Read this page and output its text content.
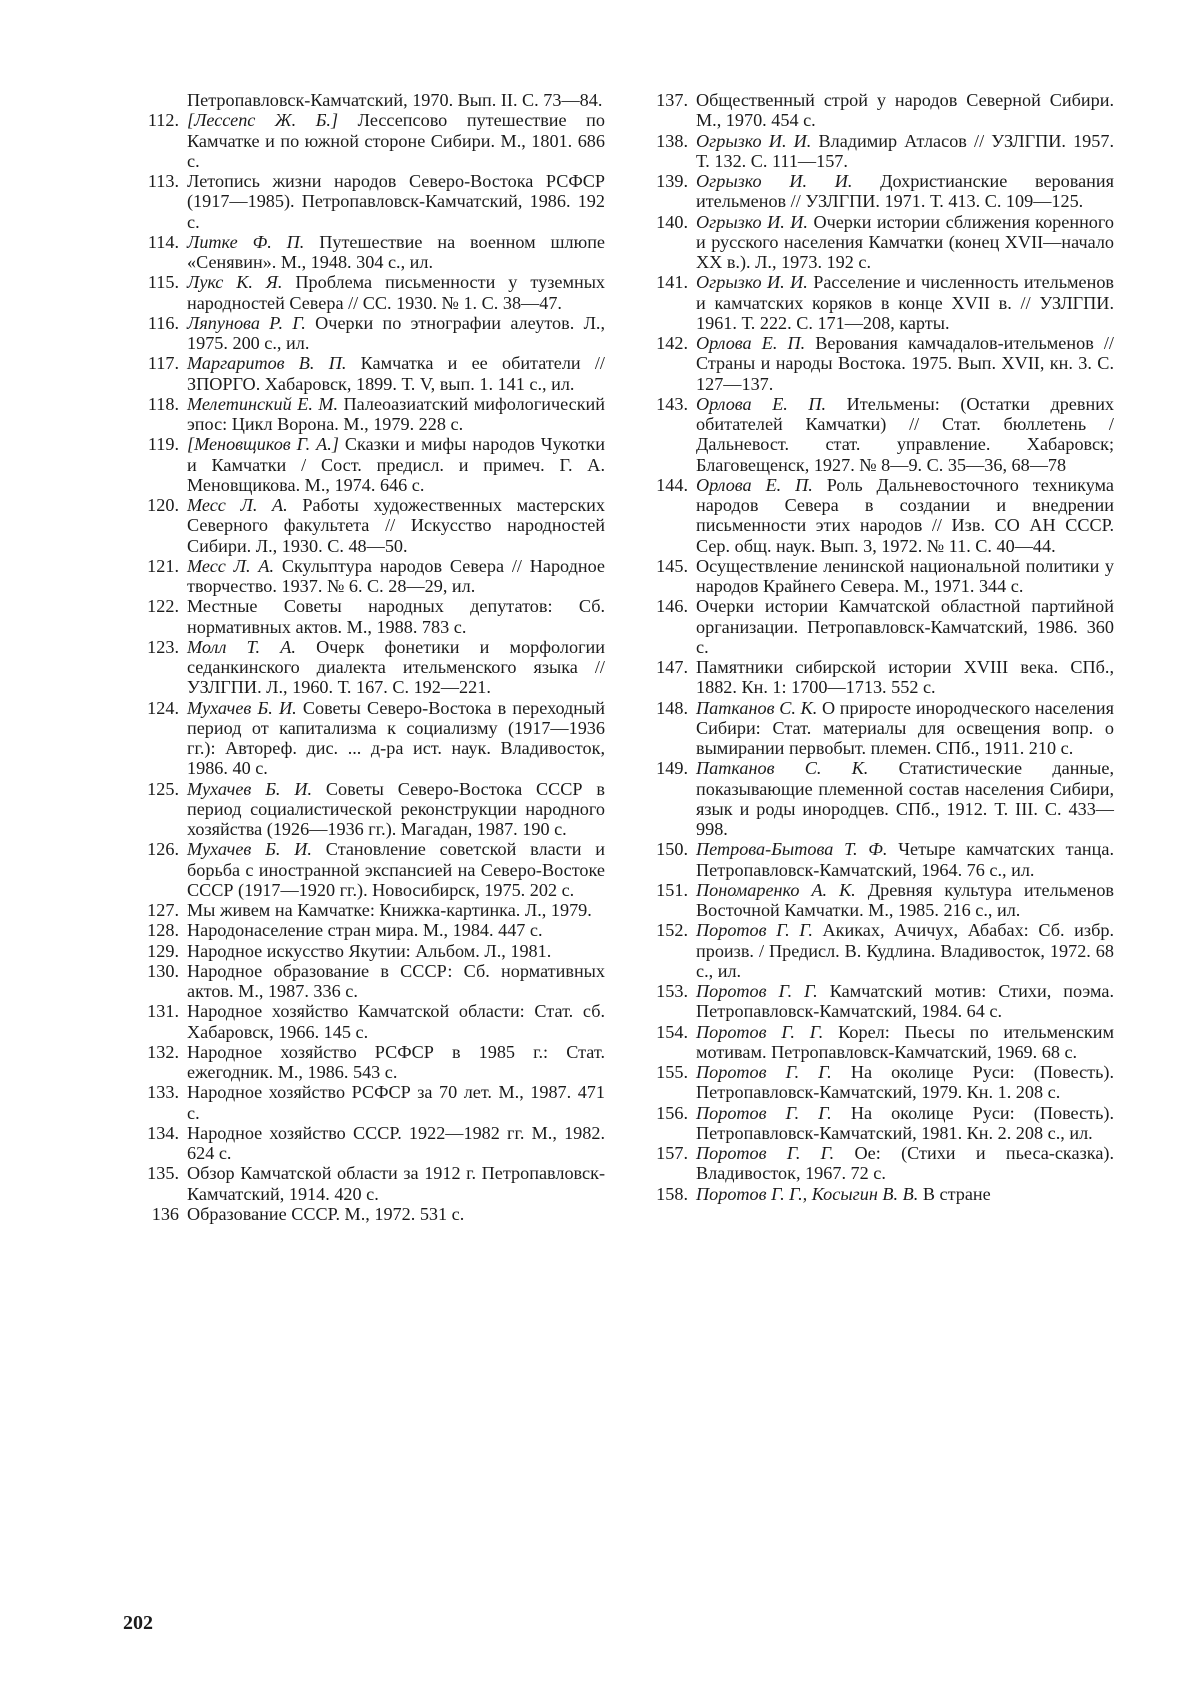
Петропавловск-Камчатский, 1970. Вып. II. С. 73—84.

112. [Лессепс Ж. Б.] Лессепсово путешествие по Камчатке и по южной стороне Сибири. М., 1801. 686 с.

113. Летопись жизни народов Северо-Востока РСФСР (1917—1985). Петропавловск-Камчатский, 1986. 192 с.

114. Литке Ф. П. Путешествие на военном шлюпе «Сенявин». М., 1948. 304 с., ил.

115. Лукс К. Я. Проблема письменности у туземных народностей Севера // СС. 1930. № 1. С. 38—47.

116. Ляпунова Р. Г. Очерки по этнографии алеутов. Л., 1975. 200 с., ил.

117. Маргаритов В. П. Камчатка и ее обитатели // ЗПОРГО. Хабаровск, 1899. Т. V, вып. 1. 141 с., ил.

118. Мелетинский Е. М. Палеоазиатский мифологический эпос: Цикл Ворона. М., 1979. 228 с.

119. [Меновщиков Г. А.] Сказки и мифы народов Чукотки и Камчатки / Сост. предисл. и примеч. Г. А. Меновщикова. М., 1974. 646 с.

120. Месс Л. А. Работы художественных мастерских Северного факультета // Искусство народностей Сибири. Л., 1930. С. 48—50.

121. Месс Л. А. Скульптура народов Севера // Народное творчество. 1937. № 6. С. 28—29, ил.

122. Местные Советы народных депутатов: Сб. нормативных актов. М., 1988. 783 с.

123. Молл Т. А. Очерк фонетики и морфологии седанкинского диалекта ительменского языка // УЗЛГПИ. Л., 1960. Т. 167. С. 192—221.

124. Мухачев Б. И. Советы Северо-Востока в переходный период от капитализма к социализму (1917—1936 гг.): Автореф. дис. ... д-ра ист. наук. Владивосток, 1986. 40 с.

125. Мухачев Б. И. Советы Северо-Востока СССР в период социалистической реконструкции народного хозяйства (1926—1936 гг.). Магадан, 1987. 190 с.

126. Мухачев Б. И. Становление советской власти и борьба с иностранной экспансией на Северо-Востоке СССР (1917—1920 гг.). Новосибирск, 1975. 202 с.

127. Мы живем на Камчатке: Книжка-картинка. Л., 1979.

128. Народонаселение стран мира. М., 1984. 447 с.

129. Народное искусство Якутии: Альбом. Л., 1981.

130. Народное образование в СССР: Сб. нормативных актов. М., 1987. 336 с.

131. Народное хозяйство Камчатской области: Стат. сб. Хабаровск, 1966. 145 с.

132. Народное хозяйство РСФСР в 1985 г.: Стат. ежегодник. М., 1986. 543 с.

133. Народное хозяйство РСФСР за 70 лет. М., 1987. 471 с.

134. Народное хозяйство СССР. 1922—1982 гг. М., 1982. 624 с.

135. Обзор Камчатской области за 1912 г. Петропавловск-Камчатский, 1914. 420 с.

136 Образование СССР. М., 1972. 531 с.

137. Общественный строй у народов Северной Сибири. М., 1970. 454 с.

138. Огрызко И. И. Владимир Атласов // УЗЛГПИ. 1957. Т. 132. С. 111—157.

139. Огрызко И. И. Дохристианские верования ительменов // УЗЛГПИ. 1971. Т. 413. С. 109—125.

140. Огрызко И. И. Очерки истории сближения коренного и русского населения Камчатки (конец XVII—начало XX в.). Л., 1973. 192 с.

141. Огрызко И. И. Расселение и численность ительменов и камчатских коряков в конце XVII в. // УЗЛГПИ. 1961. Т. 222. С. 171—208, карты.

142. Орлова Е. П. Верования камчадалов-ительменов // Страны и народы Востока. 1975. Вып. XVII, кн. 3. С. 127—137.

143. Орлова Е. П. Ительмены: (Остатки древних обитателей Камчатки) // Стат. бюллетень / Дальневост. стат. управление. Хабаровск; Благовещенск, 1927. № 8—9. С. 35—36, 68—78

144. Орлова Е. П. Роль Дальневосточного техникума народов Севера в создании и внедрении письменности этих народов // Изв. СО АН СССР. Сер. общ. наук. Вып. 3, 1972. № 11. С. 40—44.

145. Осуществление ленинской национальной политики у народов Крайнего Севера. М., 1971. 344 с.

146. Очерки истории Камчатской областной партийной организации. Петропавловск-Камчатский, 1986. 360 с.

147. Памятники сибирской истории XVIII века. СПб., 1882. Кн. 1: 1700—1713. 552 с.

148. Патканов С. К. О приросте инородческого населения Сибири: Стат. материалы для освещения вопр. о вымирании первобыт. племен. СПб., 1911. 210 с.

149. Патканов С. К. Статистические данные, показывающие племенной состав населения Сибири, язык и роды инородцев. СПб., 1912. Т. III. С. 433—998.

150. Петрова-Бытова Т. Ф. Четыре камчатских танца. Петропавловск-Камчатский, 1964. 76 с., ил.

151. Пономаренко А. К. Древняя культура ительменов Восточной Камчатки. М., 1985. 216 с., ил.

152. Поротов Г. Г. Акиках, Ачичух, Абабах: Сб. избр. произв. / Предисл. В. Кудлина. Владивосток, 1972. 68 с., ил.

153. Поротов Г. Г. Камчатский мотив: Стихи, поэма. Петропавловск-Камчатский, 1984. 64 с.

154. Поротов Г. Г. Корел: Пьесы по ительменским мотивам. Петропавловск-Камчатский, 1969. 68 с.

155. Поротов Г. Г. На околице Руси: (Повесть). Петропавловск-Камчатский, 1979. Кн. 1. 208 с.

156. Поротов Г. Г. На околице Руси: (Повесть). Петропавловск-Камчатский, 1981. Кн. 2. 208 с., ил.

157. Поротов Г. Г. Ое: (Стихи и пьеса-сказка). Владивосток, 1967. 72 с.

158. Поротов Г. Г., Косыгин В. В. В стране

202
